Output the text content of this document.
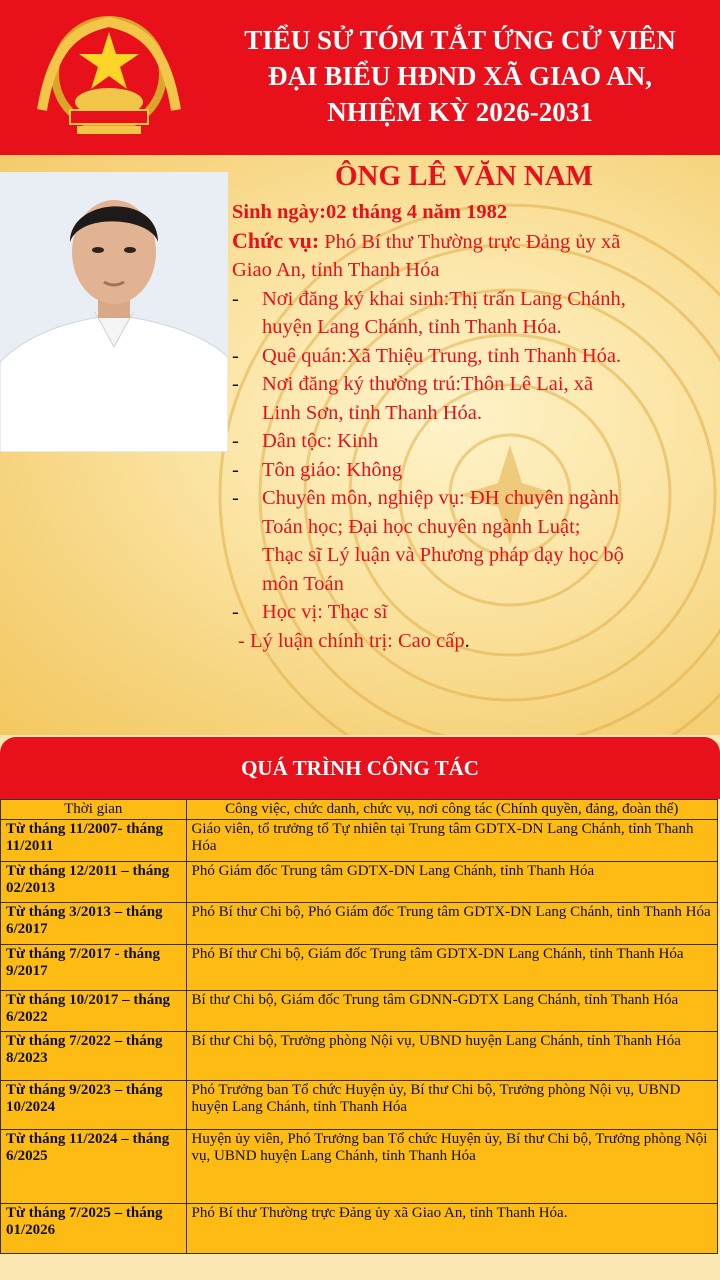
TIỂU SỬ TÓM TẮT ỨNG CỬ VIÊN
ĐẠI BIỂU HĐND XÃ GIAO AN,
NHIỆM KỲ 2026-2031
ÔNG LÊ VĂN NAM
Sinh ngày:02 tháng 4 năm 1982
Chức vụ: Phó Bí thư Thường trực Đảng ủy xã
Giao An, tỉnh Thanh Hóa
- Nơi đăng ký khai sinh:Thị trấn Lang Chánh,
huyện Lang Chánh, tỉnh Thanh Hóa.
- Quê quán:Xã Thiệu Trung, tỉnh Thanh Hóa.
- Nơi đăng ký thường trú:Thôn Lê Lai, xã
Linh Sơn, tỉnh Thanh Hóa.
- Dân tộc: Kinh
- Tôn giáo: Không
- Chuyên môn, nghiệp vụ: ĐH chuyên ngành
Toán học; Đại học chuyên ngành Luật;
Thạc sĩ Lý luận và Phương pháp dạy học bộ
môn Toán
- Học vị: Thạc sĩ
- Lý luận chính trị: Cao cấp.
QUÁ TRÌNH CÔNG TÁC
Thời gian	Công việc, chức danh, chức vụ, nơi công tác (Chính quyền, đảng, đoàn thể)
Từ tháng 11/2007- tháng 11/2011	Giáo viên, tổ trưởng tổ Tự nhiên tại Trung tâm GDTX-DN Lang Chánh, tỉnh Thanh Hóa
Từ tháng 12/2011 – tháng 02/2013	Phó Giám đốc Trung tâm GDTX-DN Lang Chánh, tỉnh Thanh Hóa
Từ tháng 3/2013 – tháng 6/2017	Phó Bí thư Chi bộ, Phó Giám đốc Trung tâm GDTX-DN Lang Chánh, tỉnh Thanh Hóa
Từ tháng 7/2017 - tháng 9/2017	Phó Bí thư Chi bộ, Giám đốc Trung tâm GDTX-DN Lang Chánh, tỉnh Thanh Hóa
Từ tháng 10/2017 – tháng 6/2022	Bí thư Chi bộ, Giám đốc Trung tâm GDNN-GDTX Lang Chánh, tỉnh Thanh Hóa
Từ tháng 7/2022 – tháng 8/2023	Bí thư Chi bộ, Trưởng phòng Nội vụ, UBND huyện Lang Chánh, tỉnh Thanh Hóa
Từ tháng 9/2023 – tháng 10/2024	Phó Trưởng ban Tổ chức Huyện ủy, Bí thư Chi bộ, Trưởng phòng Nội vụ, UBND huyện Lang Chánh, tỉnh Thanh Hóa
Từ tháng 11/2024 – tháng 6/2025	Huyện ủy viên, Phó Trưởng ban Tổ chức Huyện ủy, Bí thư Chi bộ, Trưởng phòng Nội vụ, UBND huyện Lang Chánh, tỉnh Thanh Hóa
Từ tháng 7/2025 – tháng 01/2026	Phó Bí thư Thường trực Đảng ủy xã Giao An, tỉnh Thanh Hóa.
